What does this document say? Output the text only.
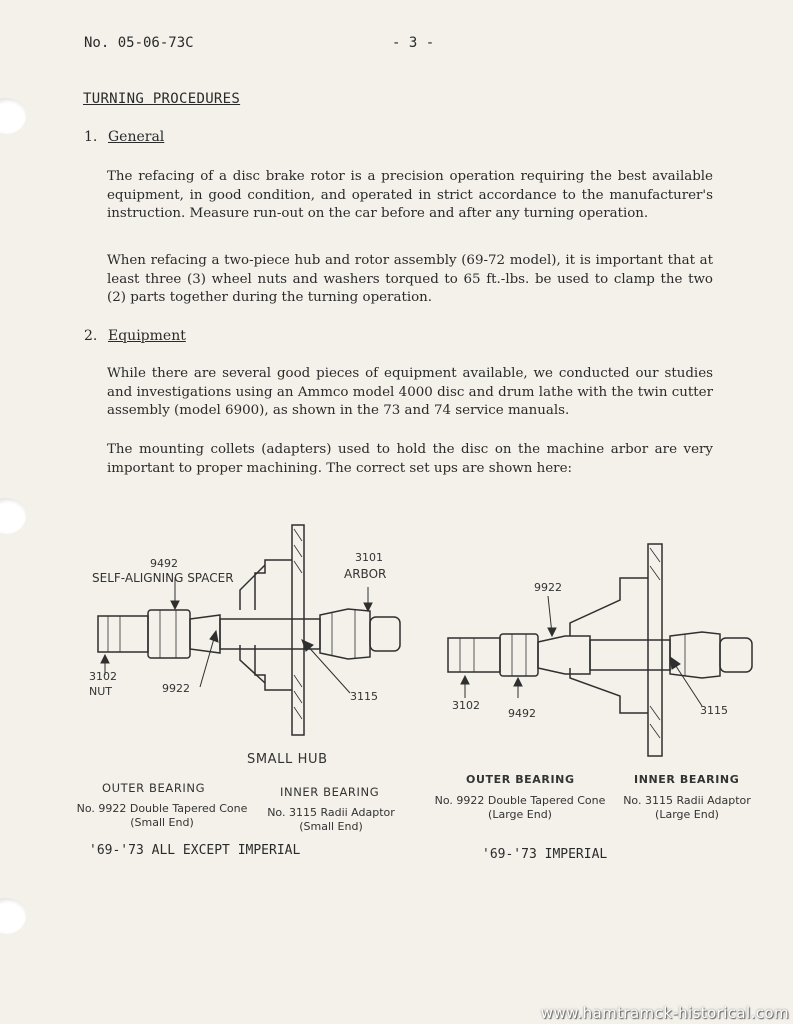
No. 05-06-73C	- 3 -
TURNING PROCEDURES
1. General

The refacing of a disc brake rotor is a precision operation requiring the best available equipment, in good condition, and operated in strict accordance to the manufacturer's instruction. Measure run-out on the car before and after any turning operation.

When refacing a two-piece hub and rotor assembly (69-72 model), it is important that at least three (3) wheel nuts and washers torqued to 65 ft.-lbs. be used to clamp the two (2) parts together during the turning operation.

2. Equipment

While there are several good pieces of equipment available, we conducted our studies and investigations using an Ammco model 4000 disc and drum lathe with the twin cutter assembly (model 6900), as shown in the 73 and 74 service manuals.

The mounting collets (adapters) used to hold the disc on the machine arbor are very important to proper machining. The correct set ups are shown here:

9492
SELF-ALIGNING SPACER
3101
ARBOR
3102
NUT	9922
3115
SMALL HUB
OUTER BEARING
No. 9922 Double Tapered Cone
(Small End)
INNER BEARING
No. 3115 Radii Adaptor
(Small End)
'69-'73 ALL EXCEPT IMPERIAL
9922
3102
9492	3115
OUTER BEARING
No. 9922 Double Tapered Cone
(Large End)
INNER BEARING
No. 3115 Radii Adaptor
(Large End)
'69-'73 IMPERIAL
www.hamtramck-historical.com
